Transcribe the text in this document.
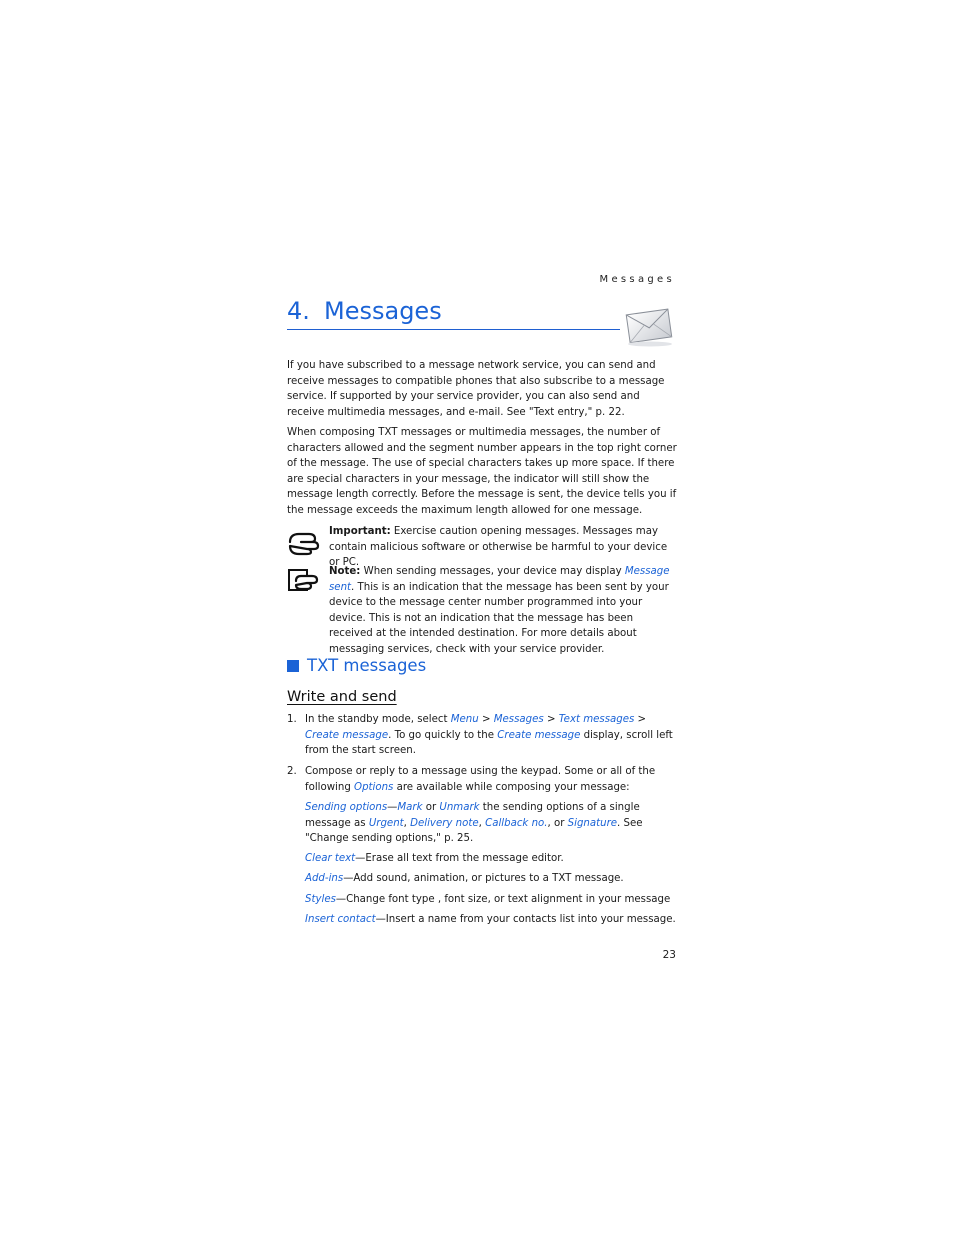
Messages
4. Messages
If you have subscribed to a message network service, you can send and receive messages to compatible phones that also subscribe to a message service. If supported by your service provider, you can also send and receive multimedia messages, and e-mail. See "Text entry," p. 22.
When composing TXT messages or multimedia messages, the number of characters allowed and the segment number appears in the top right corner of the message. The use of special characters takes up more space. If there are special characters in your message, the indicator will still show the message length correctly. Before the message is sent, the device tells you if the message exceeds the maximum length allowed for one message.
Important: Exercise caution opening messages. Messages may contain malicious software or otherwise be harmful to your device or PC.
Note: When sending messages, your device may display Message sent. This is an indication that the message has been sent by your device to the message center number programmed into your device. This is not an indication that the message has been received at the intended destination. For more details about messaging services, check with your service provider.
TXT messages
Write and send
1. In the standby mode, select Menu > Messages > Text messages > Create message. To go quickly to the Create message display, scroll left from the start screen.
2. Compose or reply to a message using the keypad. Some or all of the following Options are available while composing your message:
Sending options—Mark or Unmark the sending options of a single message as Urgent, Delivery note, Callback no., or Signature. See "Change sending options," p. 25.
Clear text—Erase all text from the message editor.
Add-ins—Add sound, animation, or pictures to a TXT message.
Styles—Change font type , font size, or text alignment in your message
Insert contact—Insert a name from your contacts list into your message.
23
